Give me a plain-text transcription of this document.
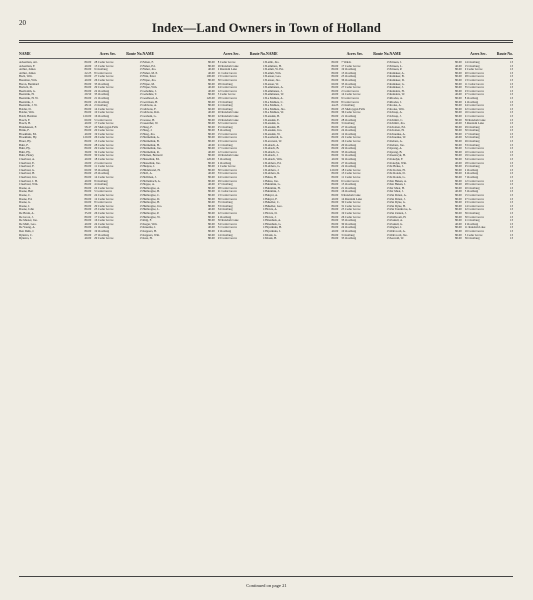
20	Index—Land Owners in Town of Holland
NAME	Acres Sec.	Route No.
Ackerman, Art.	80.00	28 Cedar Grove	13
Ackerman, F.	40.00	13 Cedar Grove	13
Arthur, James	80.00	9 Oostburg	13
Arthur, James	22.23	8 Cedar Grove	13
Bach, Wm.	60.00	27 Cedar Grove	13
Bareman, Wm.	40.00	26 Cedar Grove	13
Baron, Bernhard	80.00	33 Oostburg	13
Bartsch, D.	80.00	29 Cedar Grove	13
Beerbohm, G.	80.00	22 Oostburg	13
Beernink, H.	29.50	35 Oostburg	13
Beernink, H. W.	80.00	21 Oostburg	13
Beernink, J.	80.00	22 Oostburg	13
Beernink, J. W.	48.14	2 Oostburg	13
Bolder, D.	80.00	14 Cedar Grove	13
Bolder, Wm.	80.00	10 Cedar Grove	13
Boldt, Herman	120.00	16 Oostburg	13
Bosch, F.	60.00	5 Cedar Grove	13
Bosch, H.	40.00	17 Cedar Grove	13
Brakhausen, F.	58.47	20 Sheboygan Falls	13
Brink, F.	80.00	20 Cedar Grove	13
Broekhuis, Ed.	40.00	19 Cedar Grove	13
Broekhuis, Hy.	120.00	26 Cedar Grove	13
Bruer, Hy.	80.00	15 Cedar Grove	13
Buhr, F.	80.00	28 Cedar Grove	13
Buhr, Hy.	80.00	29 Cedar Grove	13
Buhr, Hy.	39.00	32 Cedar Grove	13
Buhr, Henry	80.00	30 Cedar Grove	13
Claerbaut, A.	40.00	18 Cedar Grove	13
Claerbaut, E.	29.00	2 Cedar Grove	13
Claerbaut, F.	80.00	11 Cedar Grove	13
Claerbaut, G.	60.00	35 Oostburg	13
Claerbaut, H.	80.00	23 Oostburg	13
Claerbaut, Jno.	80.00	14 Cedar Grove	13
Claerbaut, J. H.	40.00	8 Oostburg	13
Claerbaut, Wm.	80.00	4 Oostburg	13
Daane, A.	80.00	22 Cedar Grove	13
Daane, Bert	80.00	5 Cedar Grove	13
Daane, C.	80.00	24 Cedar Grove	13
Daane, Ed.	80.00	12 Cedar Grove	13
Daane, G.	60.00	8 Cedar Grove	13
Daane, J.	80.00	29 Cedar Grove	13
Daane, John	80.00	23 Cedar Grove	13
De Bruin, A.	35.00	26 Cedar Grove	13
De Groot, J.	80.00	17 Cedar Grove	13
De Master, Jno.	80.00	16 Cedar Grove	13
De Mull, Geo.	40.00	24 Cedar Grove	13
De Young, A.	80.00	21 Oostburg	13
Den Dulk, J.	80.00	19 Oostburg	13
Dykstra, C.	80.00	27 Oostburg	13
Dykstra, J.	40.00	29 Cedar Grove	13
NAME	Acres Sec.	Route No.
Felten, F.	80.00	8 Cedar Grove	13
Fisher, Ed.	80.00	26 Random Lake	13
Fisher, Jno.	40.00	2 Random Lake	13
Fisher, M. P.	40.00	11 Cedar Grove	13
Flint, Peter	100.00	13 Cedar Grove	13
Flipse, Jno.	80.00	30 Cedar Grove	13
Flipse, M.	80.00	28 Oostburg	13
Flipse, Wm.	40.00	24 Cedar Grove	13
Gabelkie, J.	40.00	12 Cedar Grove	13
Gabelkie, T.	80.00	3 Cedar Grove	13
Geelhoed, A.	120.00	18 Cedar Grove	13
Gerritsen, H.	80.00	13 Oostburg	13
Gibbons, A.	80.00	21 Oostburg	13
Gibbons, F.	60.00	20 Oostburg	13
Gibbons, Rob.	40.00	20 Random Lake	13
Graham, G.	80.00	22 Random Lake	13
Grasse, H.	80.00	19 Random Lake	13
Guenther, W.	80.00	32 Cedar Grove	13
Haag, F.	80.00	25 Oostburg	13
Haag, J.	80.00	8 Oostburg	13
Haag, Jno.	80.00	15 Cedar Grove	13
Harmelink, A.	80.00	26 Cedar Grove	13
Harmelink, B.	80.00	23 Cedar Grove	13
Harmelink, H.	40.00	21 Oostburg	13
Harmelink, Jno.	80.00	17 Cedar Grove	13
Harmelink, R.	40.00	12 Cedar Grove	13
Heinen, Bernard	80.00	16 Random Lake	13
Hesselink, Ed.	120.00	5 Oostburg	13
Hesselink, Jno.	80.00	4 Oostburg	13
Hietpas, J.	80.00	2 Cedar Grove	13
Hildebrand, H.	80.00	30 Cedar Grove	13
Hoff, A.	40.00	33 Cedar Grove	13
Hoffman, J.	80.00	24 Cedar Grove	13
Hollenbach, A.	80.00	29 Cedar Grove	13
Hoppe, A.	40.00	27 Oostburg	13
Huibregtse, A.	80.00	28 Cedar Grove	13
Huibregtse, B.	80.00	11 Cedar Grove	13
Huibregtse, C.	80.00	13 Cedar Grove	13
Huibregtse, D.	80.00	36 Cedar Grove	13
Huibregtse, H.	80.00	35 Oostburg	13
Huibregtse, Jno.	80.00	33 Oostburg	13
Huibregtse, L.	40.00	34 Oostburg	13
Huibregtse, P.	80.00	22 Cedar Grove	13
Huibregtse, W.	80.00	4 Oostburg	13
Imig, F.	80.00	30 Random Lake	13
Jaeger, Wm.	80.00	34 Cedar Grove	13
Jensema, J.	40.00	31 Cedar Grove	13
Kappers, H.	80.00	9 Oostburg	13
Kappers, Wm.	60.00	14 Oostburg	13
Kaat, H.	80.00	23 Cedar Grove	13
NAME	Acres Sec.	Route No.
Lamb, Jno.	80.00	7 Waldo	13
Lammers, H.	80.00	17 Cedar Grove	13
Lamm, W. Est.	80.00	19 Oostburg	13
Lamm, Wm.	80.00	13 Oostburg	13
Lanser, Geo.	80.00	23 Oostburg	13
Lanser, Jno.	80.00	36 Oostburg	13
Lanser, W.	60.00	35 Oostburg	13
Lemmenes, A.	80.00	27 Cedar Grove	13
Lemmenes, J.	80.00	2 Cedar Grove	13
Lemmenes, W.	40.00	14 Cedar Grove	13
Le Mahieu, A.	80.00	9 Cedar Grove	13
Le Mahieu, C.	80.00	8 Cedar Grove	13
Le Mahieu, J.	44.23	2 Oostburg	13
Le Mahieu, Jno.	80.00	25 Sheboygan Falls	13
Le Mahieu, W.	80.00	36 Cedar Grove	13
Lensink, B.	80.00	21 Oostburg	13
Lensink, E.	80.00	28 Oostburg	13
Lensink, G.	80.00	3 Oostburg	13
Lensink, H.	80.00	27 Oostburg	13
Lensink, Jno.	80.00	24 Oostburg	13
Lensink, W.	40.00	12 Oostburg	13
Leonhardt, G.	80.00	22 Cedar Grove	13
Leverenz, W.	80.00	16 Cedar Grove	13
Lubach, A.	80.00	20 Oostburg	13
Lubach, B.	80.00	29 Oostburg	13
Lubach, G.	80.00	33 Oostburg	13
Lubach, J.	80.00	31 Oostburg	13
Lubach, Wm.	40.00	32 Oostburg	13
Lubbers, Ed.	80.00	27 Oostburg	13
Lubbers, G.	80.00	22 Oostburg	13
Lubbers, J.	120.00	18 Cedar Grove	13
Lubbers, R.	80.00	13 Cedar Grove	13
Maas, H.	80.00	11 Cedar Grove	13
Maas, Jno.	80.00	6 Cedar Grove	13
Mentink, G.	80.00	15 Oostburg	13
Mentink, H.	80.00	21 Oostburg	13
Mentink, J.	80.00	16 Oostburg	13
Meyer, A.	80.00	9 Random Lake	13
Meyer, F.	40.00	14 Random Lake	13
Mueller, C.	80.00	30 Cedar Grove	13
Mueller, Geo.	80.00	31 Cedar Grove	13
Navis, A.	80.00	25 Cedar Grove	13
Navis, D.	80.00	19 Cedar Grove	13
Navis, J.	80.00	26 Cedar Grove	13
Nienhuis, A.	80.00	33 Oostburg	13
Nienhuis, G.	80.00	30 Oostburg	13
Nyenhuis, H.	80.00	24 Oostburg	13
Nyenhuis, J.	40.00	10 Oostburg	13
Oonk, G.	80.00	3 Oostburg	13
Oonk, H.	80.00	35 Oostburg	13
NAME	Acres Sec.	Route No.
Prinsen, J.	80.00	14 Oostburg	13
Prinsen, L.	40.00	15 Oostburg	13
Prinsen, P.	80.00	9 Cedar Grove	13
Ramaker, A.	80.00	20 Cedar Grove	13
Ramaker, B.	80.00	28 Cedar Grove	13
Ramaker, D.	80.00	13 Cedar Grove	13
Ramaker, G.	80.00	11 Cedar Grove	13
Ramaker, J.	80.00	35 Cedar Grove	13
Reinders, H.	80.00	23 Cedar Grove	13
Reinders, W.	40.00	27 Cedar Grove	13
Rhodes, A.	80.00	8 Oostburg	13
Rhodes, J.	80.00	4 Oostburg	13
Rooks, A.	80.00	24 Cedar Grove	13
Rooks, Wm.	80.00	22 Cedar Grove	13
Schaap, A.	80.00	16 Cedar Grove	13
Schaap, J.	80.00	21 Cedar Grove	13
Schmitt, C.	80.00	36 Random Lake	13
Schmitt, Jno.	40.00	5 Random Lake	13
Scholten, Ed.	80.00	29 Oostburg	13
Scholten, H.	80.00	30 Oostburg	13
Schuenke, A.	80.00	17 Oostburg	13
Schuenke, W.	40.00	32 Oostburg	13
Siebers, A.	80.00	26 Oostburg	13
Siebers, Jno.	80.00	33 Oostburg	13
Sprang, A.	80.00	31 Cedar Grove	13
Sprang, B.	80.00	10 Cedar Grove	13
Steenwyk, H.	80.00	19 Cedar Grove	13
Stokdyk, F.	80.00	34 Cedar Grove	13
Stokdyk, Wm.	40.00	18 Cedar Grove	13
Te Brake, J.	80.00	25 Oostburg	13
Te Kolste, H.	80.00	2 Oostburg	13
Te Ronde, D.	80.00	6 Oostburg	13
Te Ronde, G.	80.00	7 Oostburg	13
Ten Haken, A.	80.00	12 Cedar Grove	13
Ten Haken, J.	80.00	28 Cedar Grove	13
Ter Maat, H.	80.00	20 Oostburg	13
Ter Maat, J.	40.00	3 Oostburg	13
Van Driest, A.	80.00	15 Cedar Grove	13
Van Driest, J.	80.00	27 Cedar Grove	13
Van Dyke, G.	80.00	23 Cedar Grove	13
Van Dyke, H.	80.00	14 Cedar Grove	13
Van Tatenhove, A.	80.00	22 Cedar Grove	13
Van Zanten, J.	80.00	36 Oostburg	13
Veldboom, H.	80.00	30 Cedar Grove	13
Voskuil, A.	80.00	21 Oostburg	13
Voskuil, G.	40.00	9 Oostburg	13
Wagner, J.	80.00	11 Random Lake	13
Walvoord, A.	80.00	16 Cedar Grove	13
Walvoord, Jno.	80.00	5 Cedar Grove	13
Zeeveld, W.	80.00	36 Oostburg	13
Continued on page 21
